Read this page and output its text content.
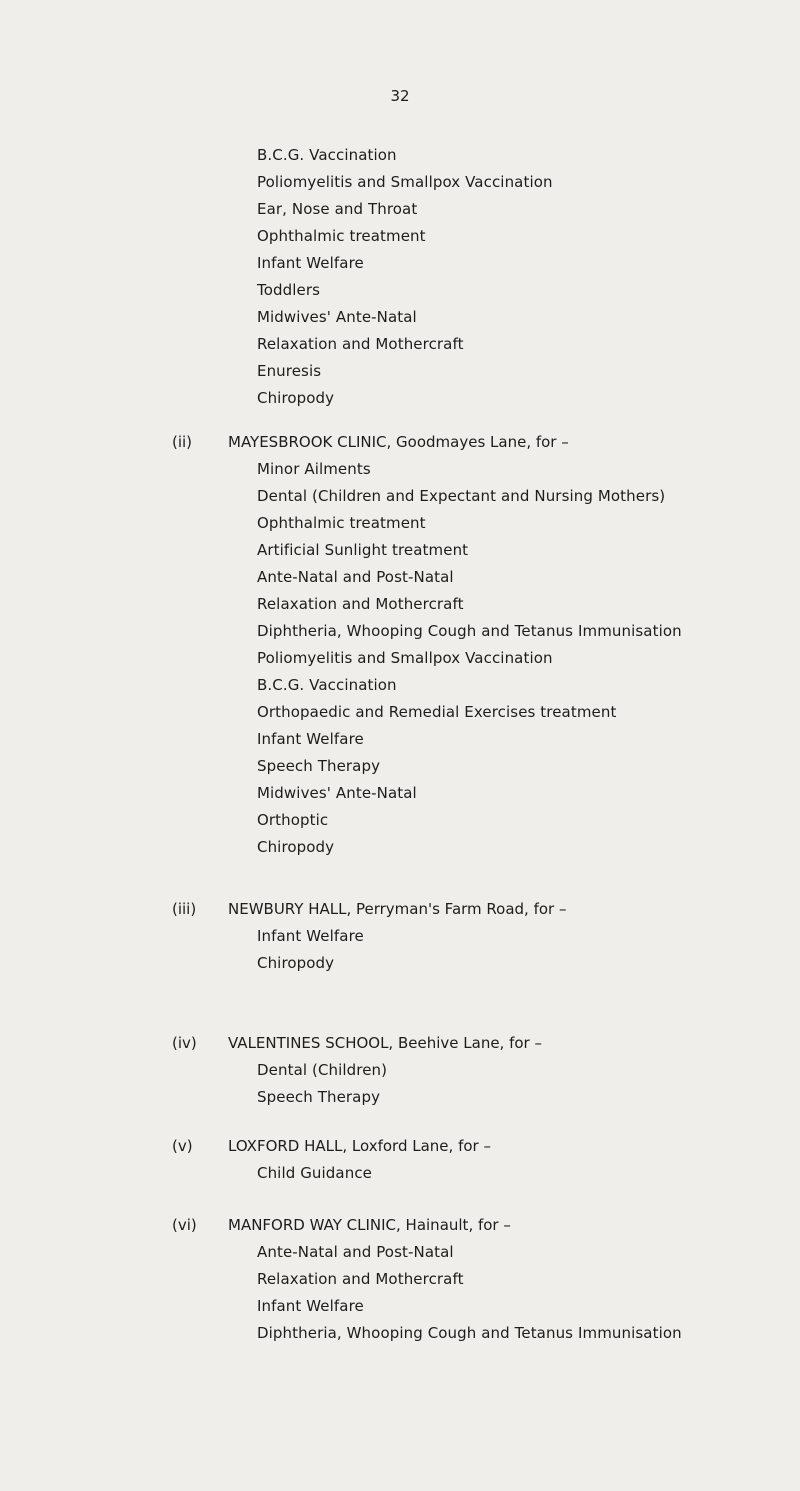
32
B.C.G. Vaccination
Poliomyelitis and Smallpox Vaccination
Ear, Nose and Throat
Ophthalmic treatment
Infant Welfare
Toddlers
Midwives' Ante-Natal
Relaxation and Mothercraft
Enuresis
Chiropody
(ii) MAYESBROOK CLINIC, Goodmayes Lane, for –
Minor Ailments
Dental (Children and Expectant and Nursing Mothers)
Ophthalmic treatment
Artificial Sunlight treatment
Ante-Natal and Post-Natal
Relaxation and Mothercraft
Diphtheria, Whooping Cough and Tetanus Immunisation
Poliomyelitis and Smallpox Vaccination
B.C.G. Vaccination
Orthopaedic and Remedial Exercises treatment
Infant Welfare
Speech Therapy
Midwives' Ante-Natal
Orthoptic
Chiropody
(iii) NEWBURY HALL, Perryman's Farm Road, for –
Infant Welfare
Chiropody
(iv) VALENTINES SCHOOL, Beehive Lane, for –
Dental (Children)
Speech Therapy
(v) LOXFORD HALL, Loxford Lane, for –
Child Guidance
(vi) MANFORD WAY CLINIC, Hainault, for –
Ante-Natal and Post-Natal
Relaxation and Mothercraft
Infant Welfare
Diphtheria, Whooping Cough and Tetanus Immunisation
